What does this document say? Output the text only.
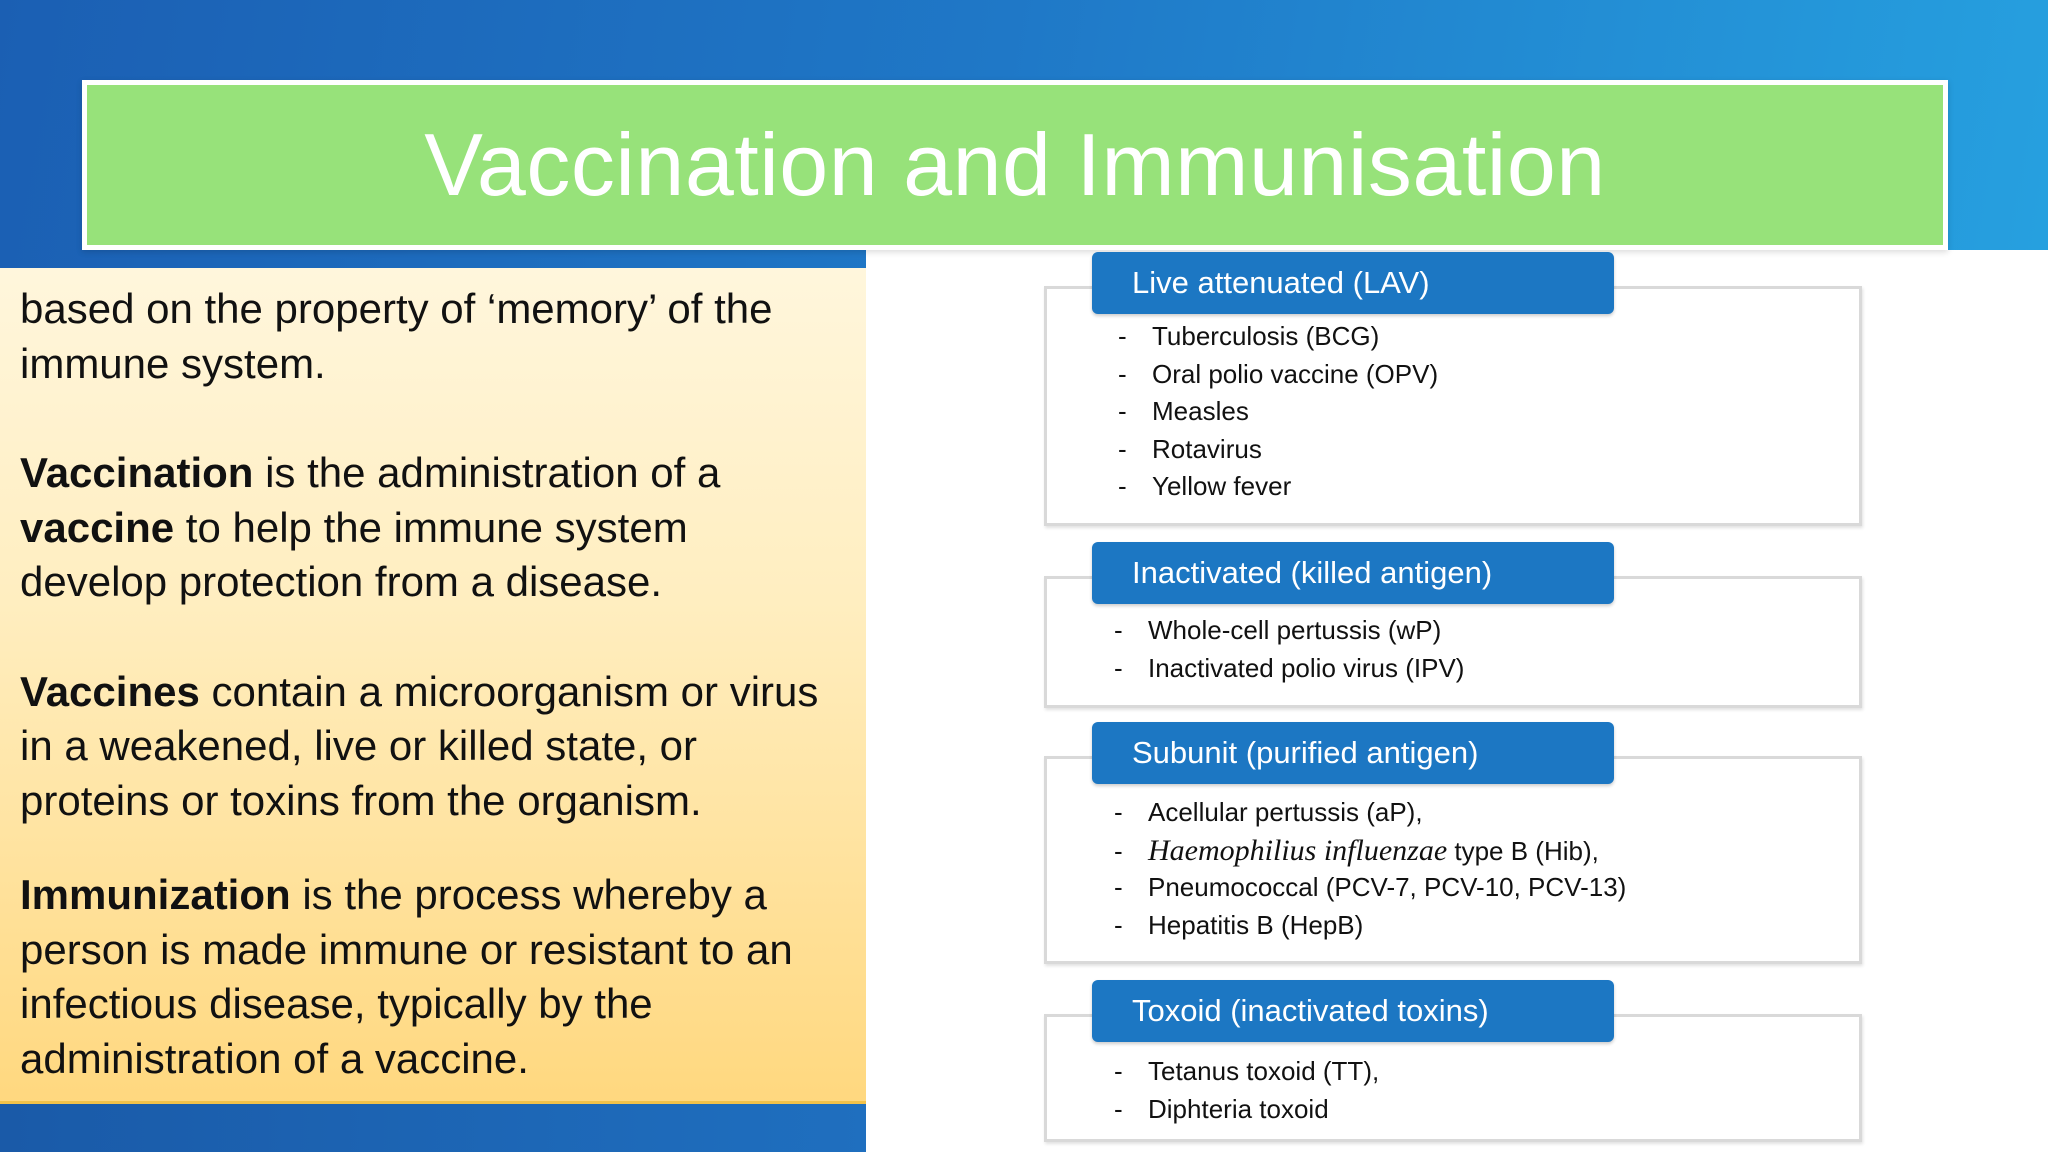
Vaccination and Immunisation

based on the property of ‘memory’ of the immune system.

Vaccination is the administration of a vaccine to help the immune system develop protection from a disease.

Vaccines contain a microorganism or virus in a weakened, live or killed state, or proteins or toxins from the organism.

Immunization is the process whereby a person is made immune or resistant to an infectious disease, typically by the administration of a vaccine.

Live attenuated (LAV)
- Tuberculosis (BCG)
- Oral polio vaccine (OPV)
- Measles
- Rotavirus
- Yellow fever
Inactivated (killed antigen)
- Whole-cell pertussis (wP)
- Inactivated polio virus (IPV)
Subunit (purified antigen)
- Acellular pertussis (aP),
- Haemophilius influenzae type B (Hib),
- Pneumococcal (PCV-7, PCV-10, PCV-13)
- Hepatitis B (HepB)
Toxoid (inactivated toxins)
- Tetanus toxoid (TT),
- Diphteria toxoid
